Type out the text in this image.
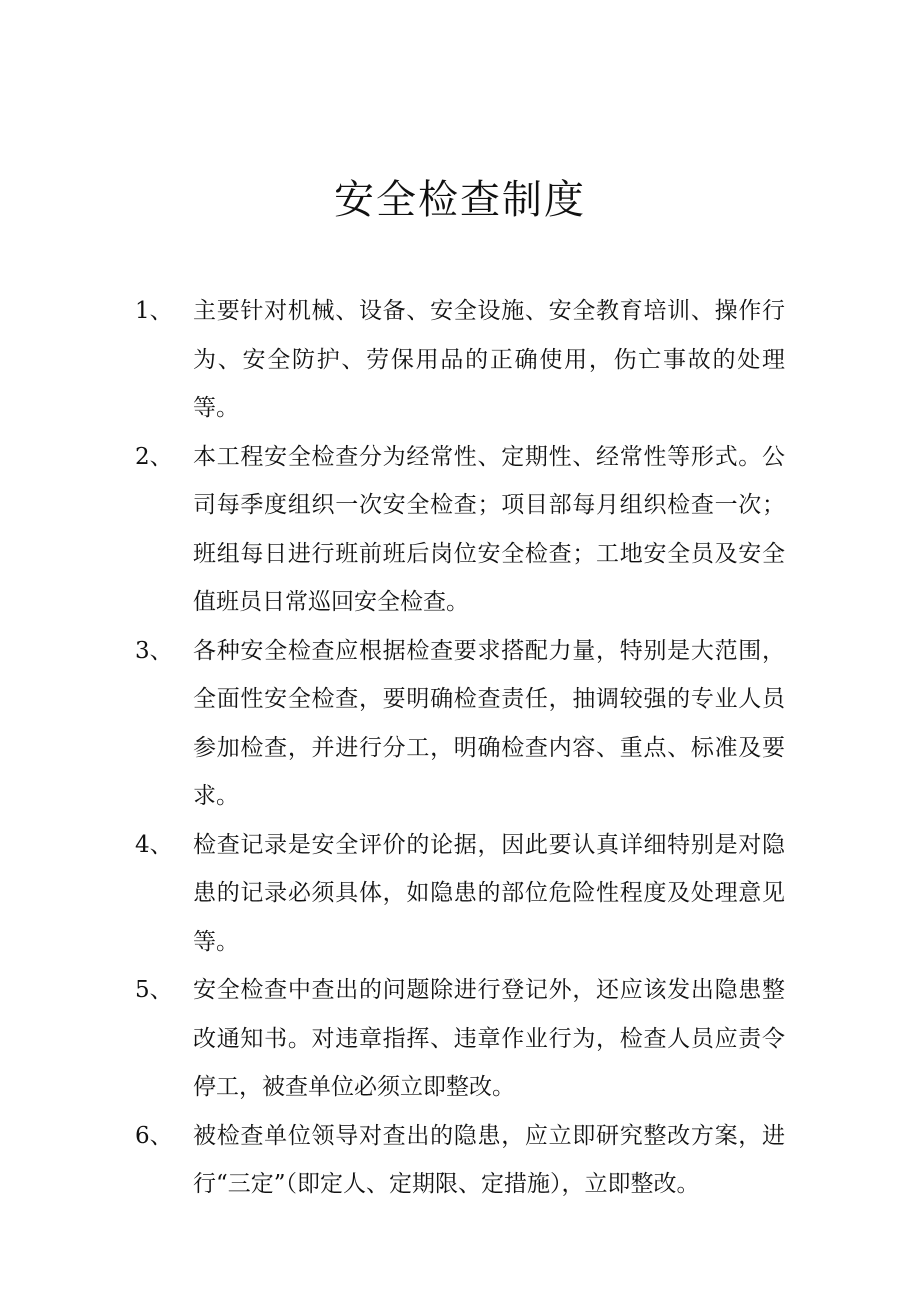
安全检查制度
1、 主要针对机械、设备、安全设施、安全教育培训、操作行为、安全防护、劳保用品的正确使用，伤亡事故的处理等。
2、 本工程安全检查分为经常性、定期性、经常性等形式。公司每季度组织一次安全检查；项目部每月组织检查一次；班组每日进行班前班后岗位安全检查；工地安全员及安全值班员日常巡回安全检查。
3、 各种安全检查应根据检查要求搭配力量，特别是大范围，全面性安全检查，要明确检查责任，抽调较强的专业人员参加检查，并进行分工，明确检查内容、重点、标准及要求。
4、 检查记录是安全评价的论据，因此要认真详细特别是对隐患的记录必须具体，如隐患的部位危险性程度及处理意见等。
5、 安全检查中查出的问题除进行登记外，还应该发出隐患整改通知书。对违章指挥、违章作业行为，检查人员应责令停工，被查单位必须立即整改。
6、 被检查单位领导对查出的隐患，应立即研究整改方案，进行“三定”（即定人、定期限、定措施），立即整改。
